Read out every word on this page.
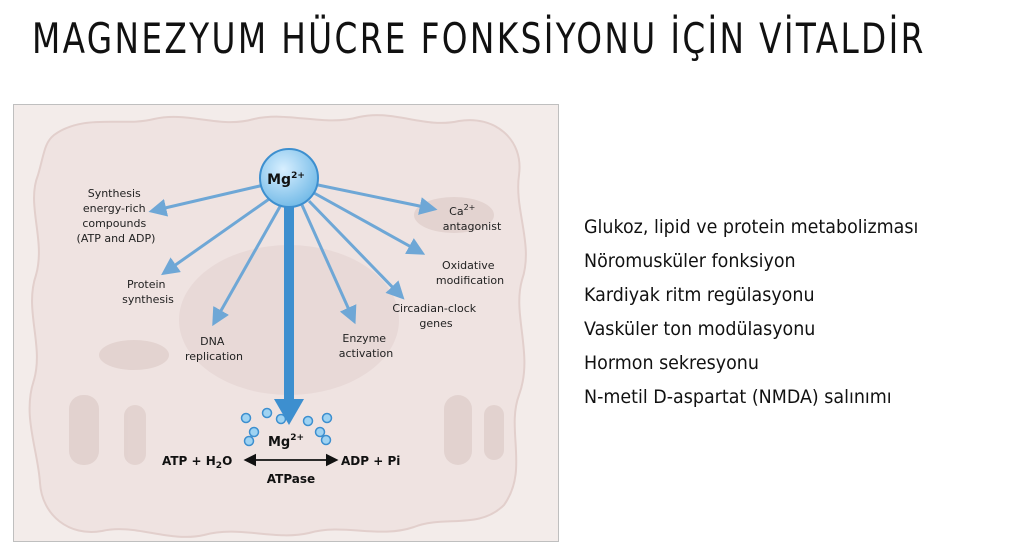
MAGNEZYUM HÜCRE FONKSİYONU İÇİN VİTALDİR
$Mg^{2+}$
Synthesis energy-rich compounds (ATP and ADP)
Protein synthesis
DNA replication
Enzyme activation
Circadian-clock genes
Oxidative modification
$Ca^{2+}$ antagonist
$Mg^{2+}$
ATP + $H_2O$	ADP + Pi
ATPase
Glukoz, lipid ve protein metabolizması
Nöromusküler fonksiyon
Kardiyak ritm regülasyonu
Vasküler ton modülasyonu
Hormon sekresyonu
N-metil D-aspartat (NMDA) salınımı
